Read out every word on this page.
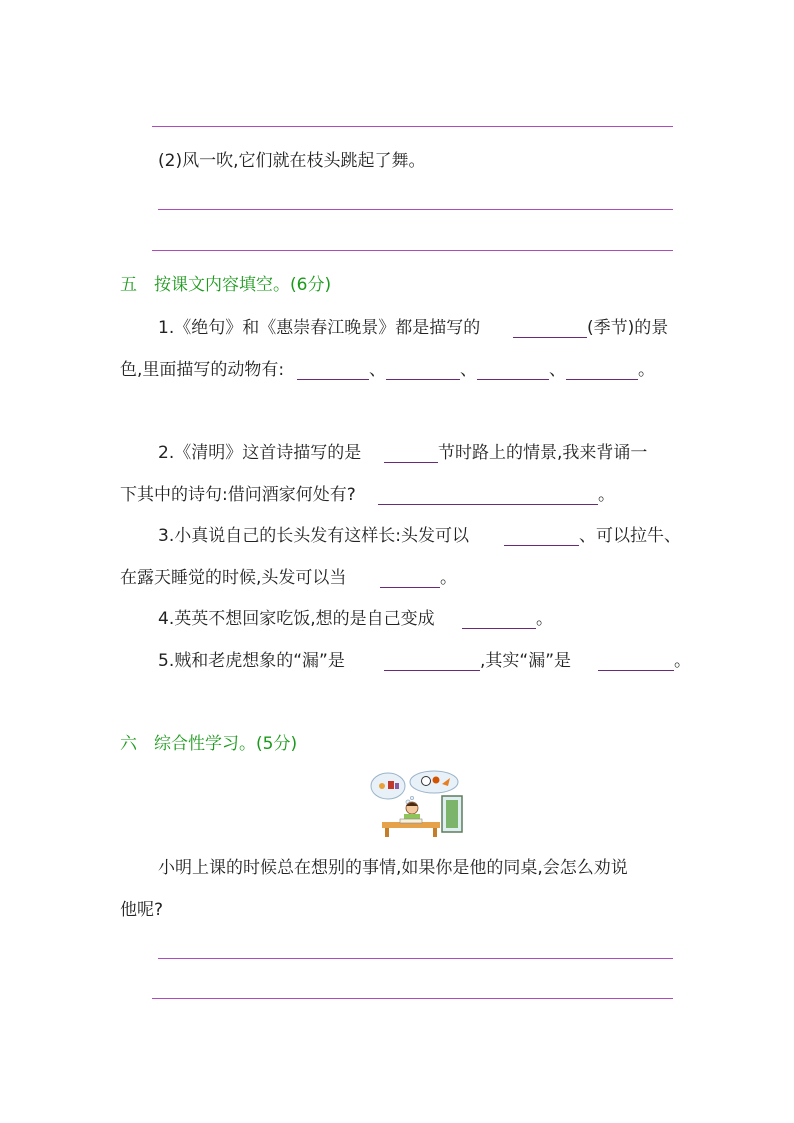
(2)风一吹,它们就在枝头跳起了舞。
五　按课文内容填空。(6分)
1.《绝句》和《惠崇春江晚景》都是描写的	(季节)的景
色,里面描写的动物有:	、	、	、	。
2.《清明》这首诗描写的是	节时路上的情景,我来背诵一
下其中的诗句:借问酒家何处有?	。
3.小真说自己的长头发有这样长:头发可以	、可以拉牛、
在露天睡觉的时候,头发可以当	。
4.英英不想回家吃饭,想的是自己变成	。
5.贼和老虎想象的“漏”是	,其实“漏”是	。
六　综合性学习。(5分)
小明上课的时候总在想别的事情,如果你是他的同桌,会怎么劝说
他呢?
